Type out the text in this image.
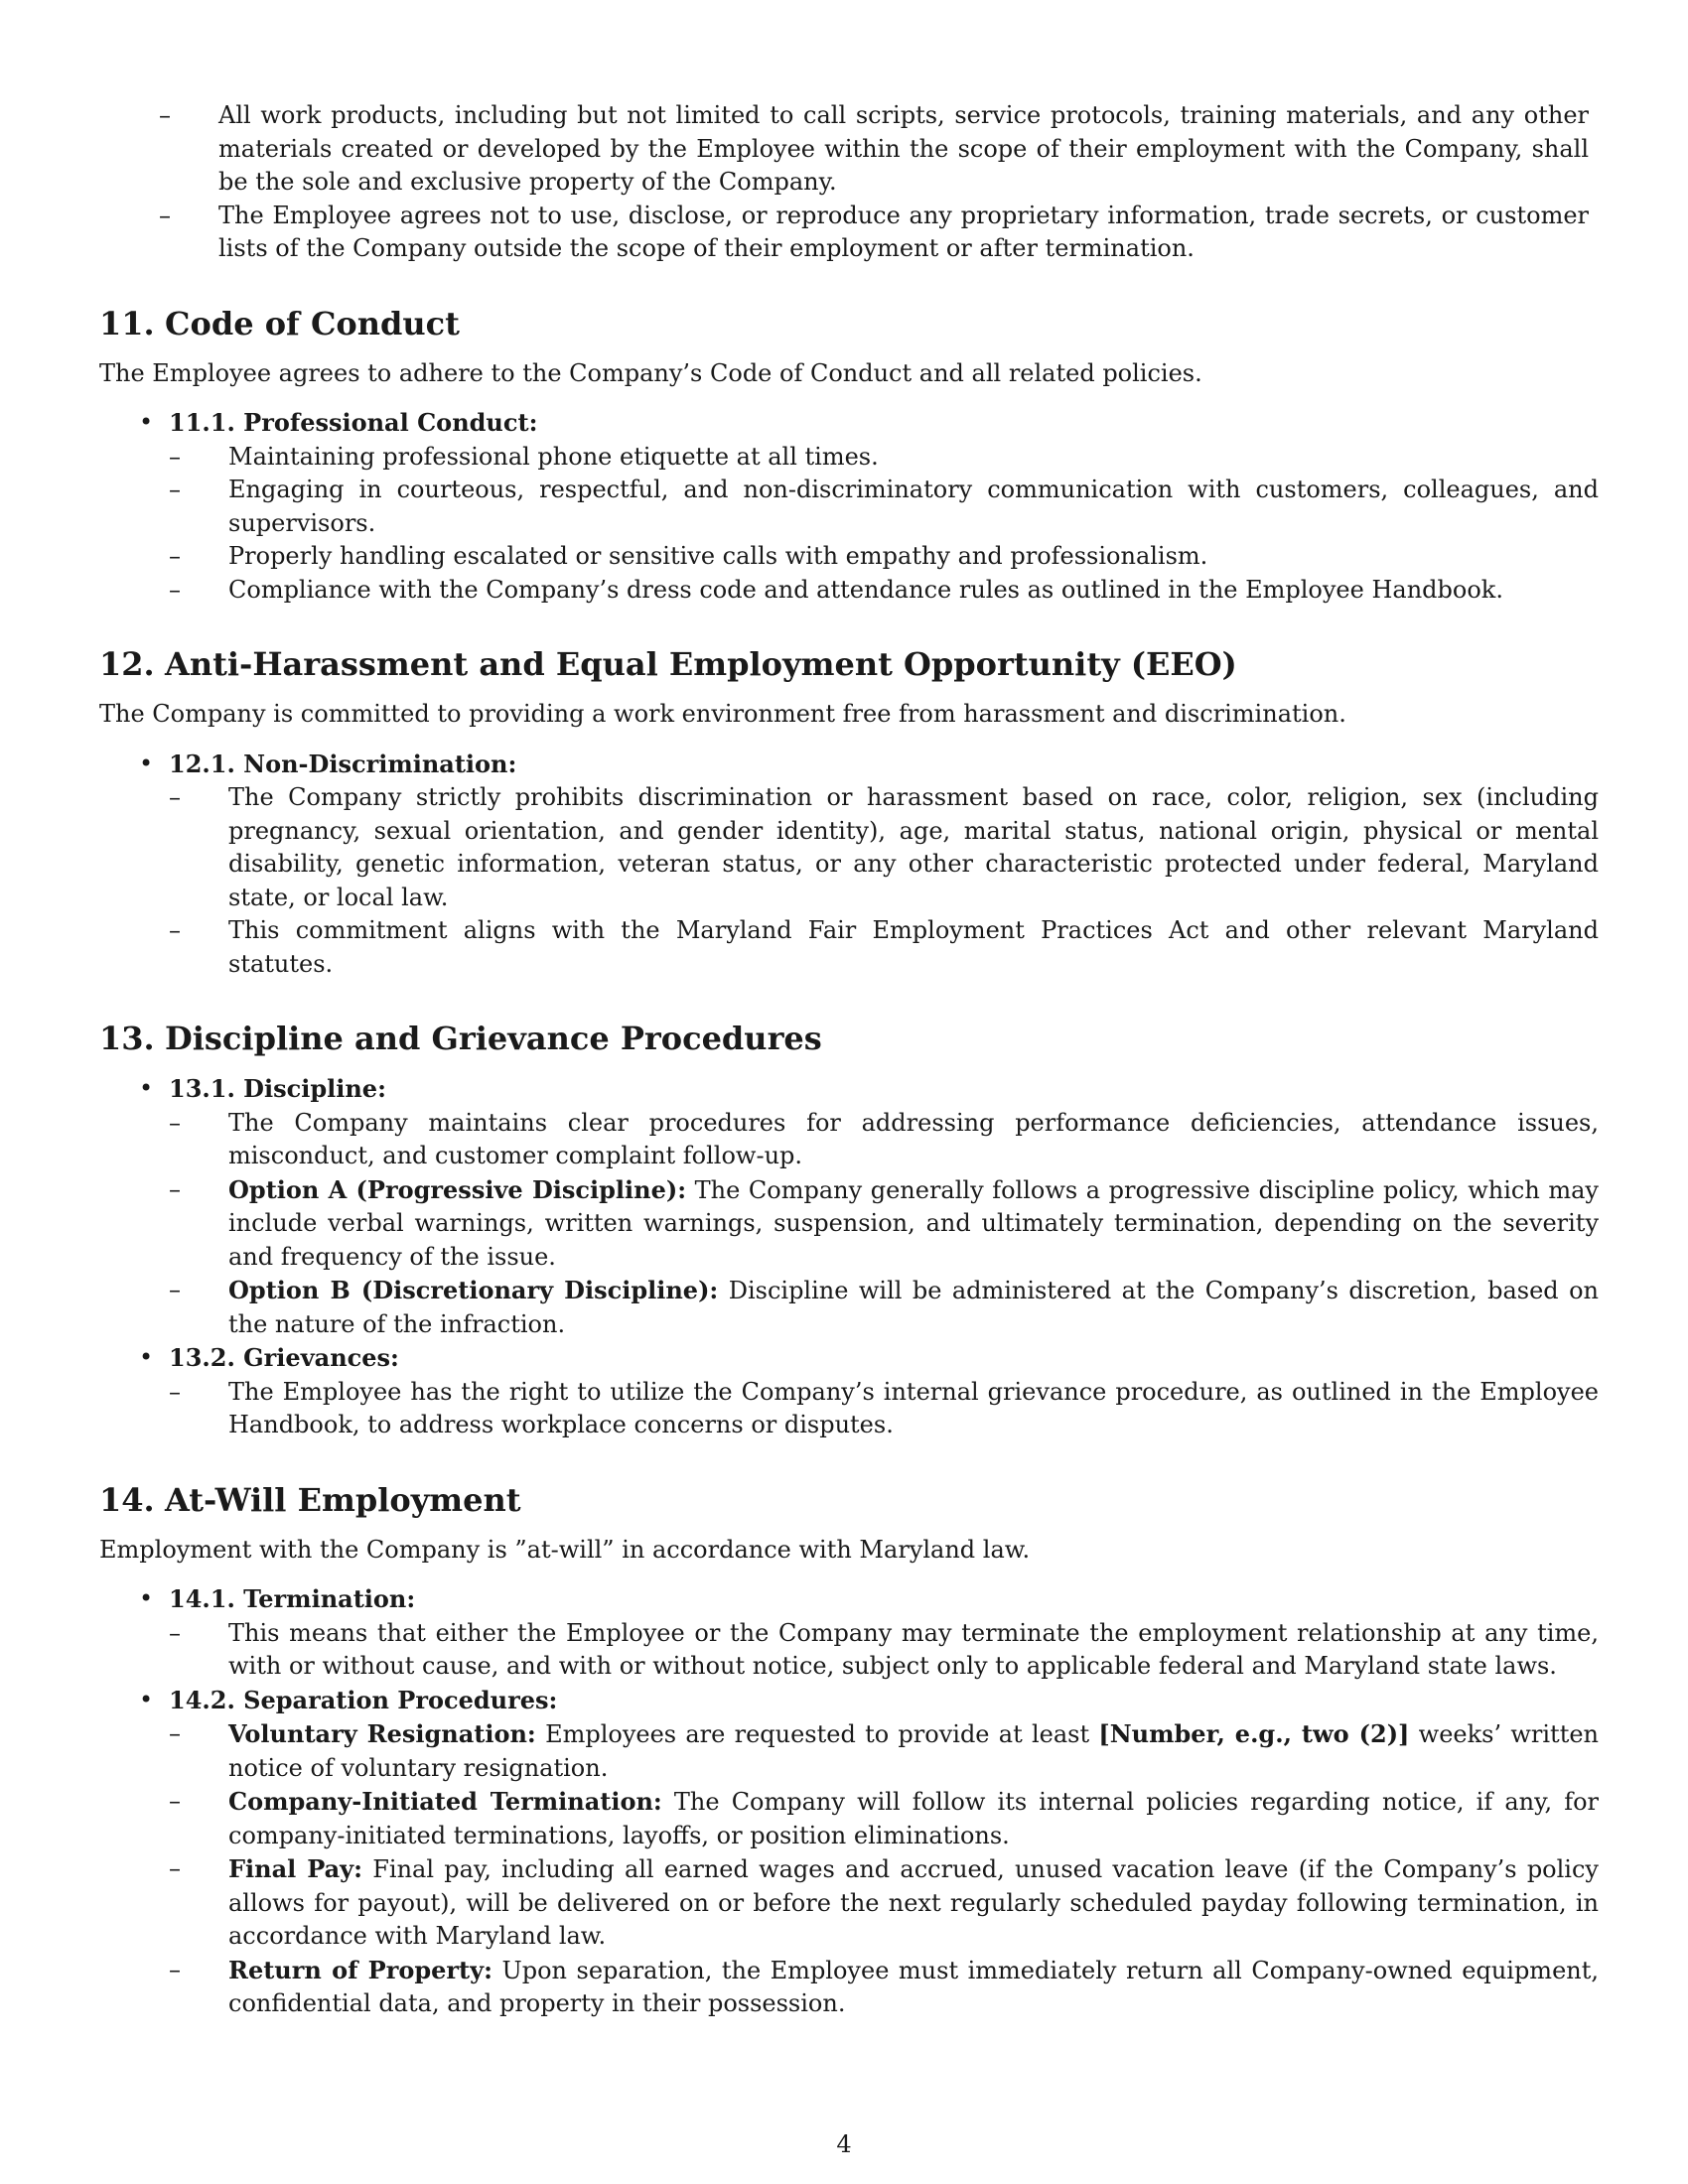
–	All work products, including but not limited to call scripts, service protocols, training materials, and any other materials created or developed by the Employee within the scope of their employment with the Company, shall be the sole and exclusive property of the Company.
–	The Employee agrees not to use, disclose, or reproduce any proprietary information, trade secrets, or customer lists of the Company outside the scope of their employment or after termination.
11. Code of Conduct

The Employee agrees to adhere to the Company’s Code of Conduct and all related policies.

• 11.1. Professional Conduct:
–	Maintaining professional phone etiquette at all times.
–	Engaging in courteous, respectful, and non-discriminatory communication with customers, colleagues, and supervisors.
–	Properly handling escalated or sensitive calls with empathy and professionalism.
–	Compliance with the Company’s dress code and attendance rules as outlined in the Employee Handbook.
12. Anti-Harassment and Equal Employment Opportunity (EEO)

The Company is committed to providing a work environment free from harassment and discrimination.

• 12.1. Non-Discrimination:
–	The Company strictly prohibits discrimination or harassment based on race, color, religion, sex (including pregnancy, sexual orientation, and gender identity), age, marital status, national origin, physical or mental disability, genetic information, veteran status, or any other characteristic protected under federal, Maryland state, or local law.
–	This commitment aligns with the Maryland Fair Employment Practices Act and other relevant Maryland statutes.
13. Discipline and Grievance Procedures
• 13.1. Discipline:
–	The Company maintains clear procedures for addressing performance deficiencies, attendance issues, misconduct, and customer complaint follow-up.
–	Option A (Progressive Discipline): The Company generally follows a progressive discipline policy, which may include verbal warnings, written warnings, suspension, and ultimately termination, depending on the severity and frequency of the issue.
–	Option B (Discretionary Discipline): Discipline will be administered at the Company’s discretion, based on the nature of the infraction.
• 13.2. Grievances:
–	The Employee has the right to utilize the Company’s internal grievance procedure, as outlined in the Employee Handbook, to address workplace concerns or disputes.
14. At-Will Employment

Employment with the Company is ”at-will” in accordance with Maryland law.

• 14.1. Termination:
–	This means that either the Employee or the Company may terminate the employment relationship at any time, with or without cause, and with or without notice, subject only to applicable federal and Maryland state laws.
• 14.2. Separation Procedures:
–	Voluntary Resignation: Employees are requested to provide at least [Number, e.g., two (2)] weeks’ written notice of voluntary resignation.
–	Company-Initiated Termination: The Company will follow its internal policies regarding notice, if any, for company-initiated terminations, layoffs, or position eliminations.
–	Final Pay: Final pay, including all earned wages and accrued, unused vacation leave (if the Company’s policy allows for payout), will be delivered on or before the next regularly scheduled payday following termination, in accordance with Maryland law.
–	Return of Property: Upon separation, the Employee must immediately return all Company-owned equipment, confidential data, and property in their possession.
4
